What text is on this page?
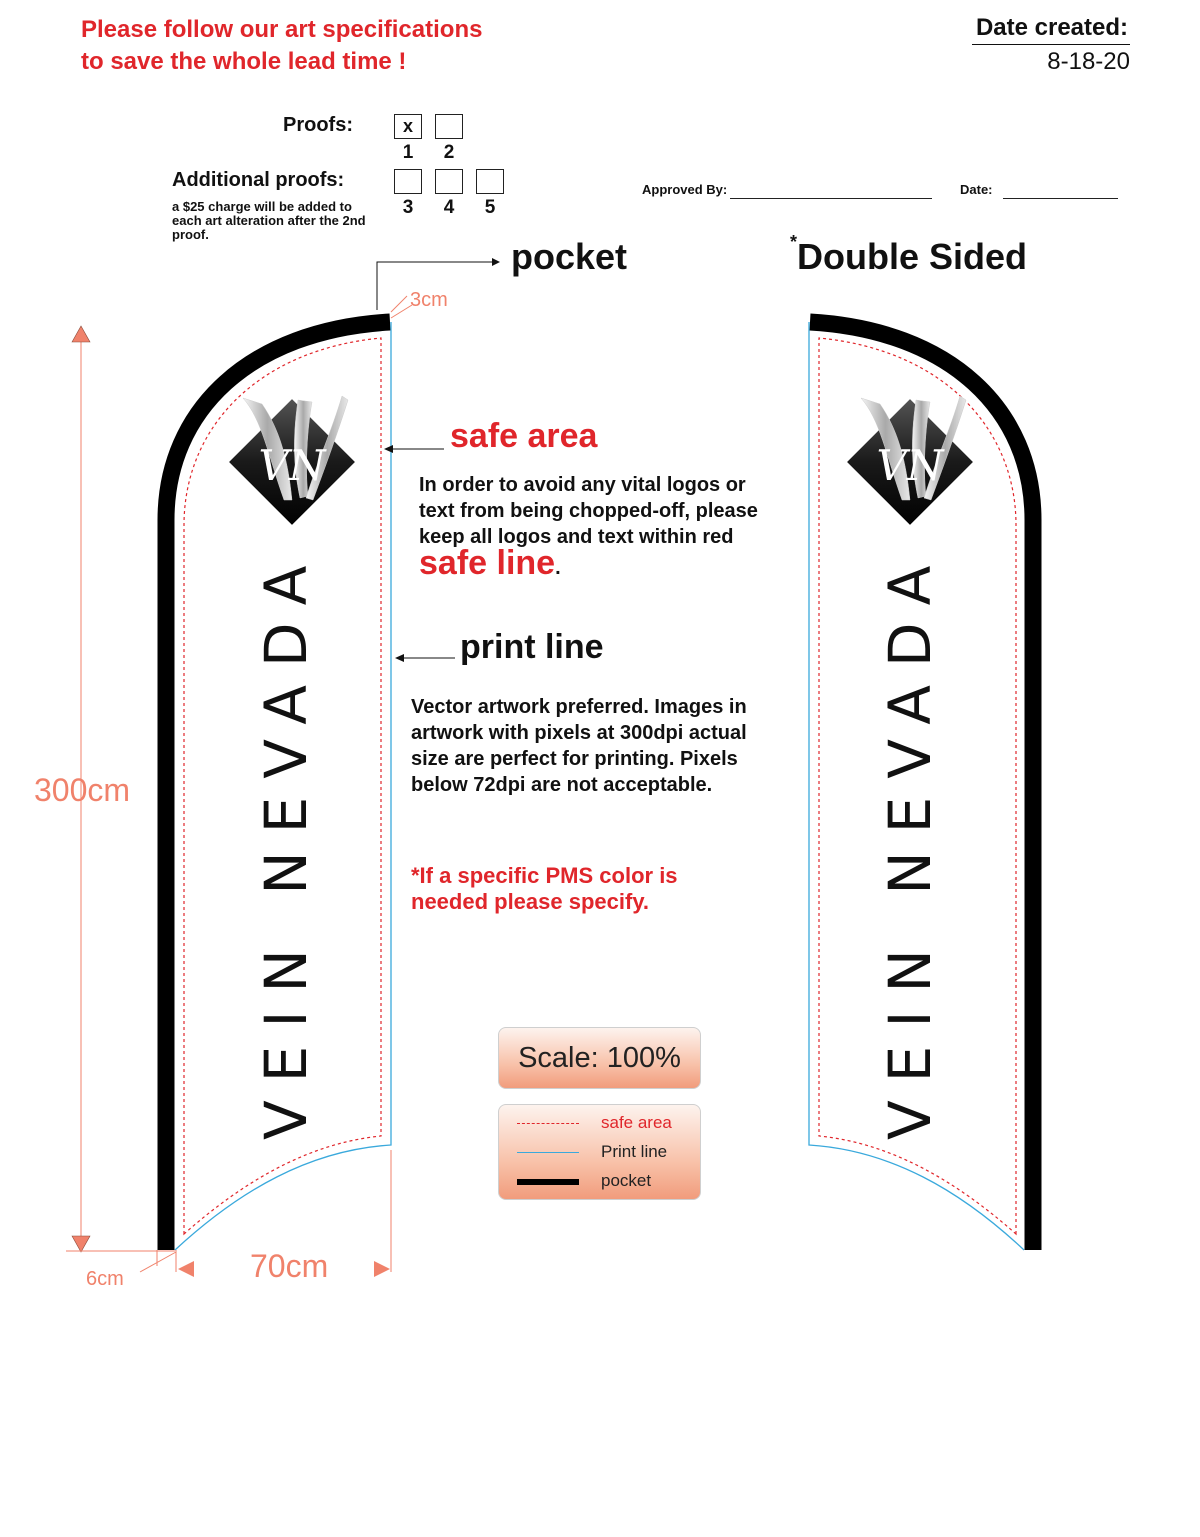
Please follow our art specifications
to save the whole lead time !
Date created:
8-18-20
Proofs:	x
1	2
Additional proofs:
a $25 charge will be added to each art alteration after the 2nd proof.
3	4	5
Approved By:	Date:
VN
VEIN NEVADA
VN
VEIN NEVADA
300cm
70cm
6cm
3cm
pocket	*Double Sided
safe area
In order to avoid any vital logos or text from being chopped-off, please keep all logos and text within red safe line.
print line
Vector artwork preferred. Images in artwork with pixels at 300dpi actual size are perfect for printing. Pixels below 72dpi are not acceptable.
*If a specific PMS color is needed please specify.
Scale: 100%
safe area
Print line
pocket
